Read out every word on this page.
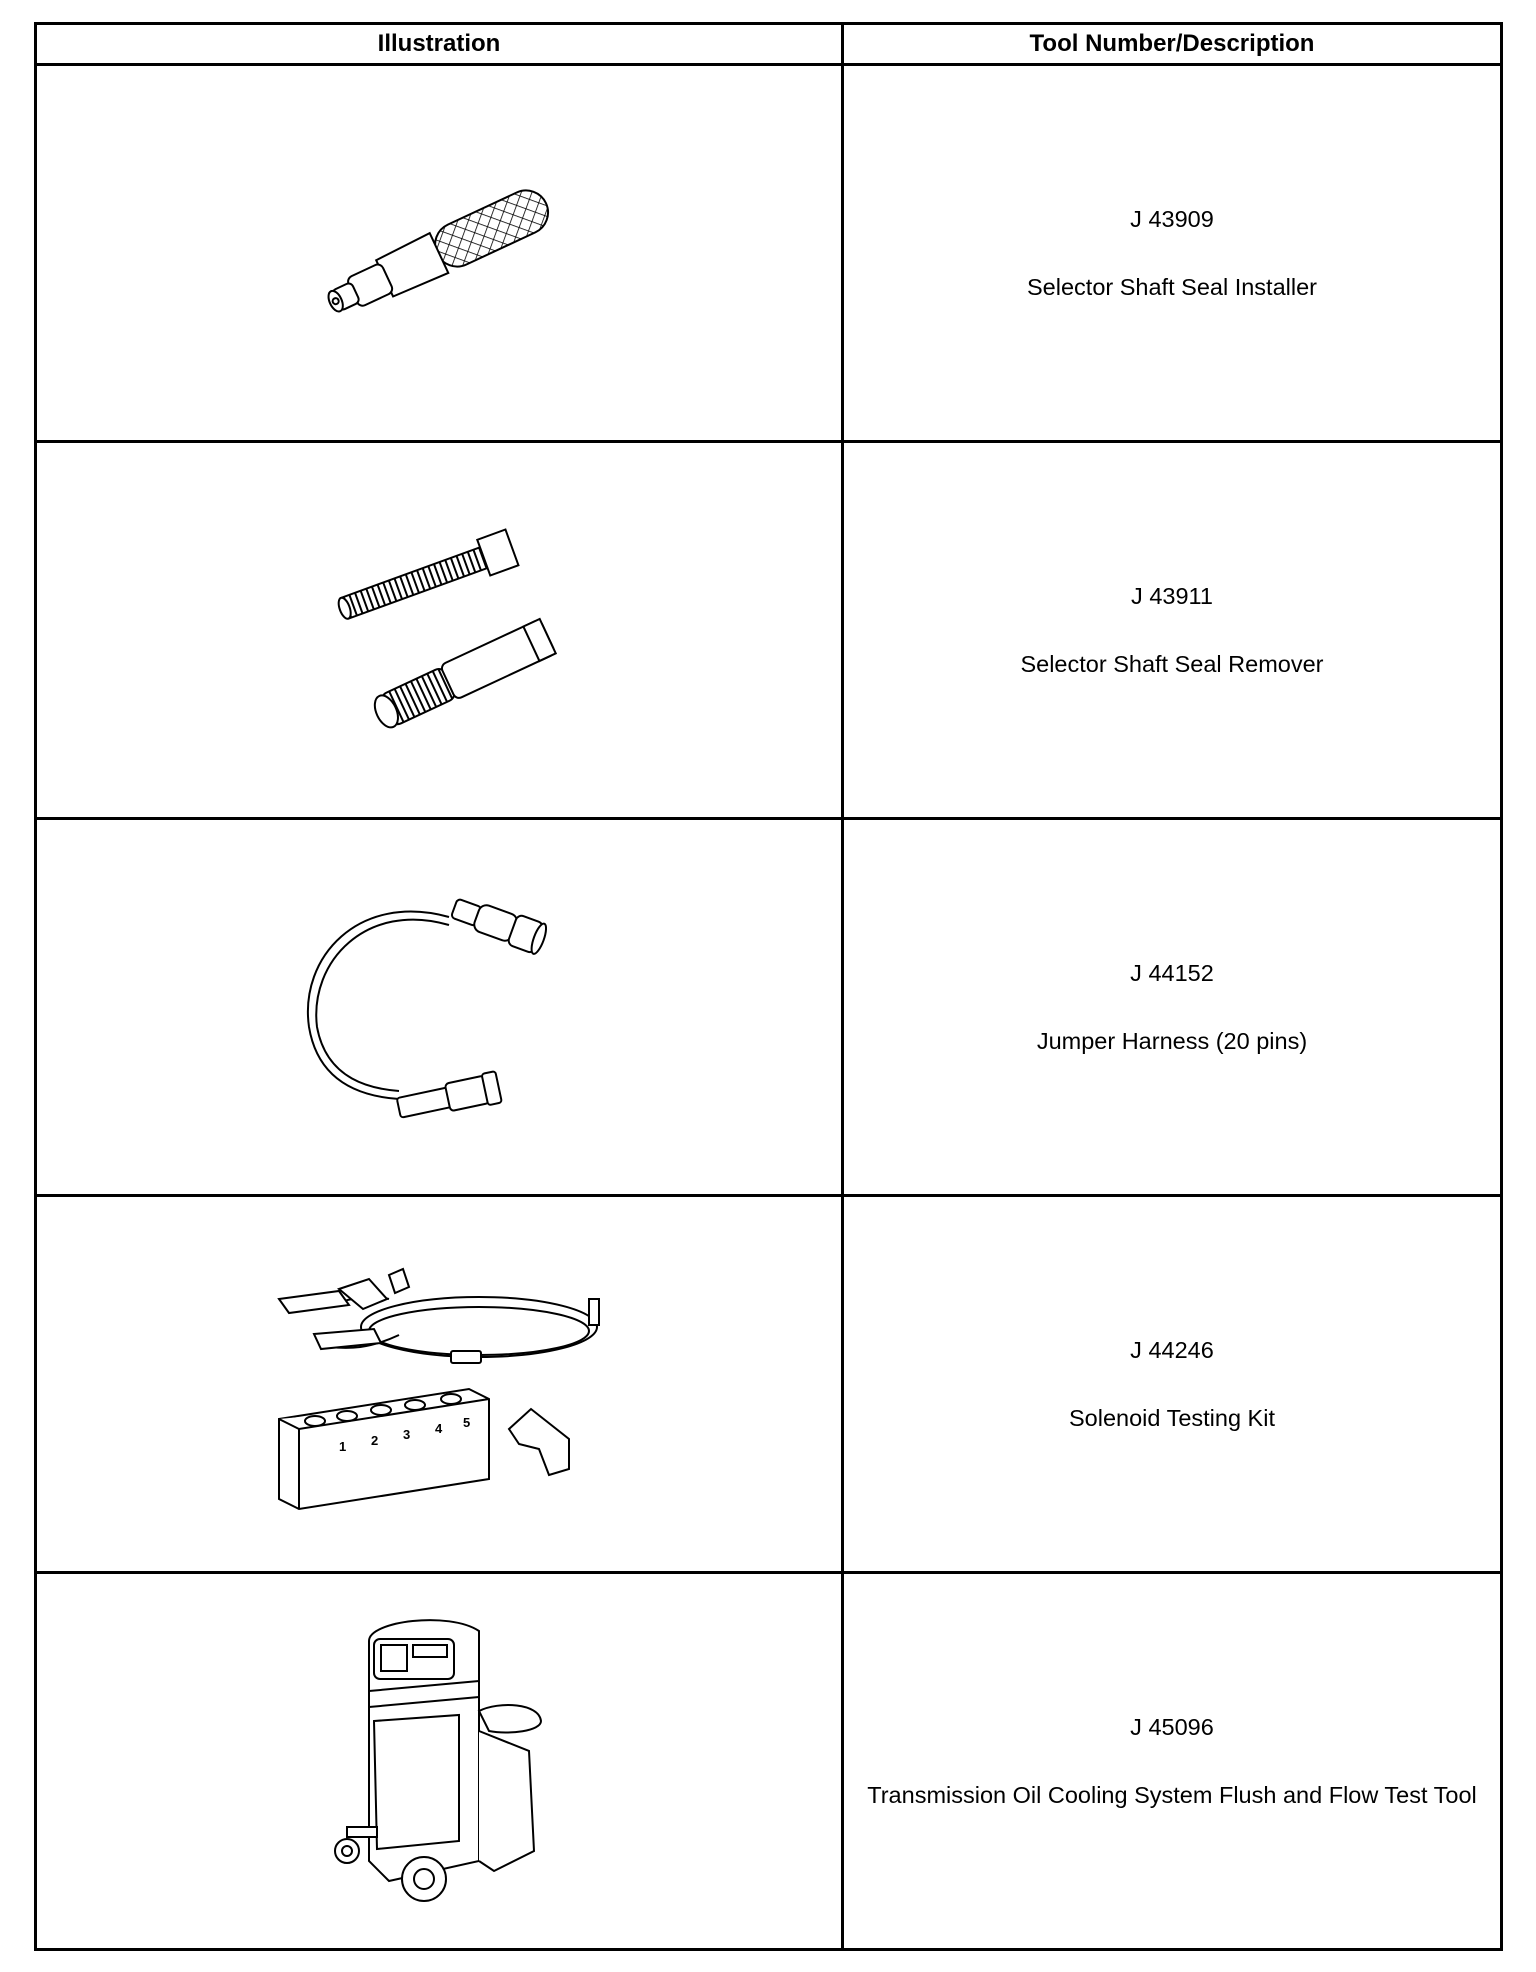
Illustration	Tool Number/Description

J 43909
Selector Shaft Seal Installer

J 43911
Selector Shaft Seal Remover

J 44152
Jumper Harness (20 pins)

1 2 3 4 5	J 44246
Solenoid Testing Kit

J 45096
Transmission Oil Cooling System Flush and Flow Test Tool
